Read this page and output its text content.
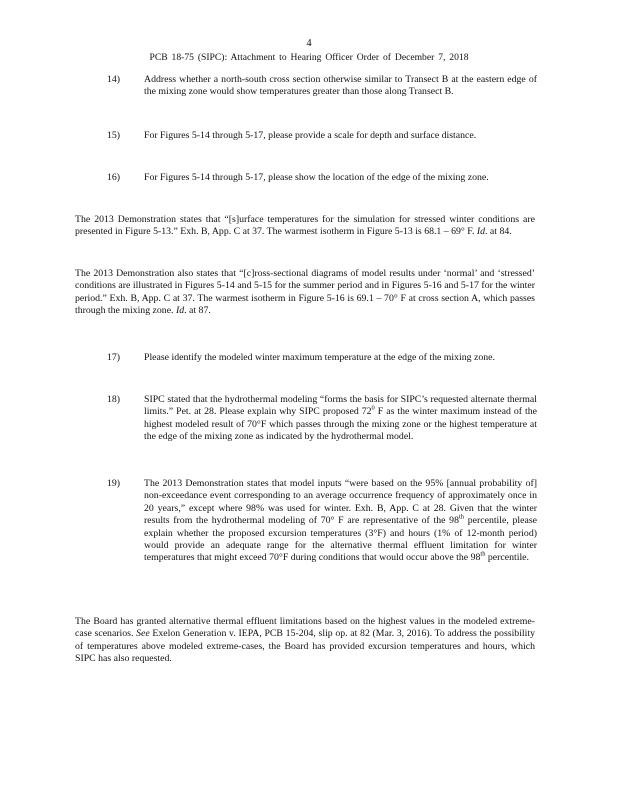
4
PCB 18-75 (SIPC): Attachment to Hearing Officer Order of December 7, 2018
14) Address whether a north-south cross section otherwise similar to Transect B at the eastern edge of the mixing zone would show temperatures greater than those along Transect B.
15) For Figures 5-14 through 5-17, please provide a scale for depth and surface distance.
16) For Figures 5-14 through 5-17, please show the location of the edge of the mixing zone.
The 2013 Demonstration states that “[s]urface temperatures for the simulation for stressed winter conditions are presented in Figure 5-13.” Exh. B, App. C at 37. The warmest isotherm in Figure 5-13 is 68.1 – 69° F. Id. at 84.
The 2013 Demonstration also states that “[c]ross-sectional diagrams of model results under ‘normal’ and ‘stressed’ conditions are illustrated in Figures 5-14 and 5-15 for the summer period and in Figures 5-16 and 5-17 for the winter period.” Exh. B, App. C at 37. The warmest isotherm in Figure 5-16 is 69.1 – 70° F at cross section A, which passes through the mixing zone. Id. at 87.
17) Please identify the modeled winter maximum temperature at the edge of the mixing zone.
18) SIPC stated that the hydrothermal modeling “forms the basis for SIPC’s requested alternate thermal limits.” Pet. at 28. Please explain why SIPC proposed $72^0$ F as the winter maximum instead of the highest modeled result of 70°F which passes through the mixing zone or the highest temperature at the edge of the mixing zone as indicated by the hydrothermal model.
19) The 2013 Demonstration states that model inputs “were based on the 95% [annual probability of] non-exceedance event corresponding to an average occurrence frequency of approximately once in 20 years,” except where 98% was used for winter. Exh. B, App. C at 28. Given that the winter results from the hydrothermal modeling of 70° F are representative of the 98th percentile, please explain whether the proposed excursion temperatures (3°F) and hours (1% of 12-month period) would provide an adequate range for the alternative thermal effluent limitation for winter temperatures that might exceed 70°F during conditions that would occur above the 98th percentile.
The Board has granted alternative thermal effluent limitations based on the highest values in the modeled extreme-case scenarios. See Exelon Generation v. IEPA, PCB 15-204, slip op. at 82 (Mar. 3, 2016). To address the possibility of temperatures above modeled extreme-cases, the Board has provided excursion temperatures and hours, which SIPC has also requested.
